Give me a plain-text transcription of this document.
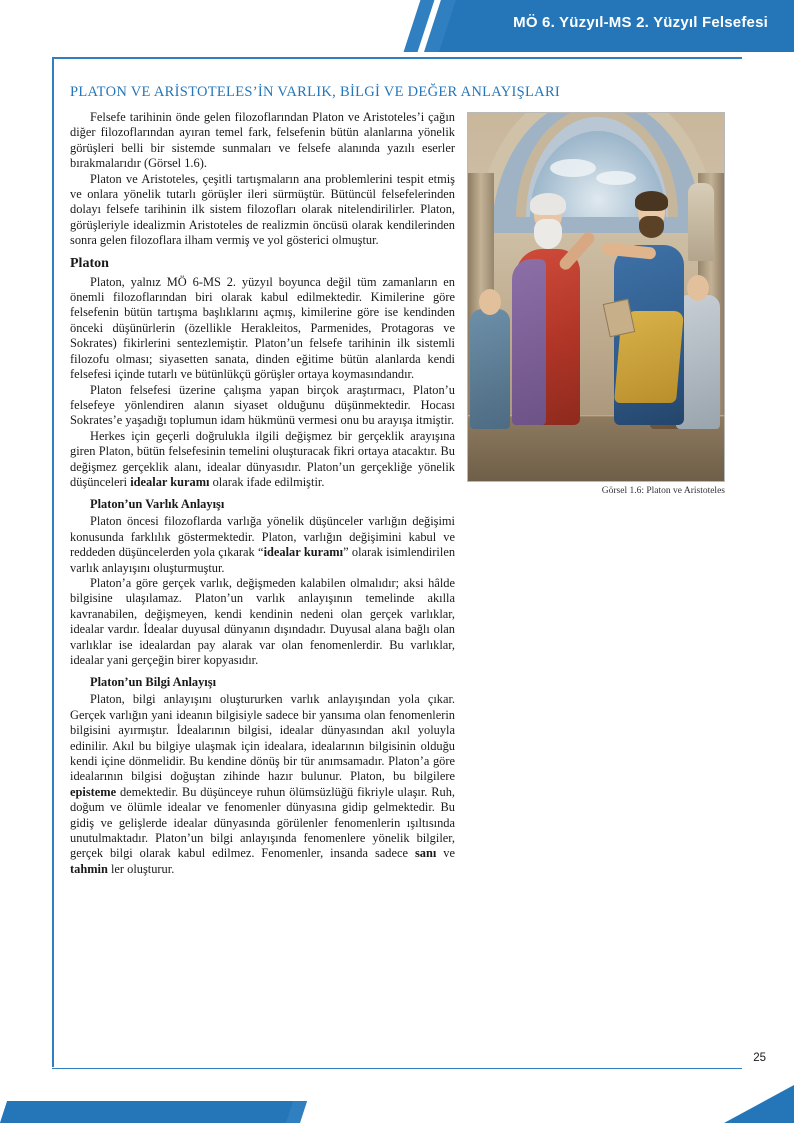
MÖ 6. Yüzyıl-MS 2. Yüzyıl Felsefesi
PLATON VE ARİSTOTELES’İN VARLIK, BİLGİ VE DEĞER ANLAYIŞLARI
Görsel 1.6: Platon ve Aristoteles

Felsefe tarihinin önde gelen filozoflarından Platon ve Aristoteles’i çağın diğer filozoflarından ayıran temel fark, felsefenin bütün alanlarına yönelik görüşleri belli bir sistemde sunmaları ve felsefe alanında yazılı eserler bırakmalarıdır (Görsel 1.6).

Platon ve Aristoteles, çeşitli tartışmaların ana problemlerini tespit etmiş ve onlara yönelik tutarlı görüşler ileri sürmüştür. Bütüncül felsefelerinden dolayı felsefe tarihinin ilk sistem filozofları olarak nitelendirilirler. Platon, görüşleriyle idealizmin Aristoteles de realizmin öncüsü olarak kendilerinden sonra gelen filozoflara ilham vermiş ve yol gösterici olmuştur.

Platon

Platon, yalnız MÖ 6-MS 2. yüzyıl boyunca değil tüm zamanların en önemli filozoflarından biri olarak kabul edilmektedir. Kimilerine göre felsefenin bütün tartışma başlıklarını açmış, kimilerine göre ise kendinden önceki düşünürlerin (özellikle Herakleitos, Parmenides, Protagoras ve Sokrates) fikirlerini sentezlemiştir. Platon’un felsefe tarihinin ilk sistemli filozofu olması; siyasetten sanata, dinden eğitime bütün alanlarda kendi felsefesi içinde tutarlı ve bütünlükçü görüşler ortaya koymasındandır.

Platon felsefesi üzerine çalışma yapan birçok araştırmacı, Platon’u felsefeye yönlendiren alanın siyaset olduğunu düşünmektedir. Hocası Sokrates’e yaşadığı toplumun idam hükmünü vermesi onu bu arayışa itmiştir.

Herkes için geçerli doğrulukla ilgili değişmez bir gerçeklik arayışına giren Platon, bütün felsefesinin temelini oluşturacak fikri ortaya atacaktır. Bu değişmez gerçeklik alanı, idealar dünyasıdır. Platon’un gerçekliğe yönelik düşünceleri idealar kuramı olarak ifade edilmiştir.

Platon’un Varlık Anlayışı

Platon öncesi filozoflarda varlığa yönelik düşünceler varlığın değişimi konusunda farklılık göstermektedir. Platon, varlığın değişimini kabul ve reddeden düşüncelerden yola çıkarak “idealar kuramı” olarak isimlendirilen varlık anlayışını oluşturmuştur.

Platon’a göre gerçek varlık, değişmeden kalabilen olmalıdır; aksi hâlde bilgisine ulaşılamaz. Platon’un varlık anlayışının temelinde akılla kavranabilen, değişmeyen, kendi kendinin nedeni olan gerçek varlıklar, idealar vardır. İdealar duyusal dünyanın dışındadır. Duyusal alana bağlı olan varlıklar ise idealardan pay alarak var olan fenomenlerdir. Bu varlıklar, idealar yani gerçeğin birer kopyasıdır.

Platon’un Bilgi Anlayışı

Platon, bilgi anlayışını oluştururken varlık anlayışından yola çıkar. Gerçek varlığın yani ideanın bilgisiyle sadece bir yansıma olan fenomenlerin bilgisini ayırmıştır. İdealarının bilgisi, idealar dünyasından akıl yoluyla edinilir. Akıl bu bilgiye ulaşmak için idealara, idealarının bilgisinin olduğu kendi içine dönmelidir. Bu kendine dönüş bir tür anımsamadır. Platon’a göre idealarının bilgisi doğuştan zihinde hazır bulunur. Platon, bu bilgilere episteme demektedir. Bu düşünceye ruhun ölümsüzlüğü fikriyle ulaşır. Ruh, doğum ve ölümle idealar ve fenomenler dünyasına gidip gelmektedir. Bu gidiş ve gelişlerde idealar dünyasında görülenler fenomenlerin ışıltısında unutulmaktadır. Platon’un bilgi anlayışında fenomenlere yönelik bilgiler, gerçek bilgi olarak kabul edilmez. Fenomenler, insanda sadece sanı ve tahmin ler oluşturur.

25
